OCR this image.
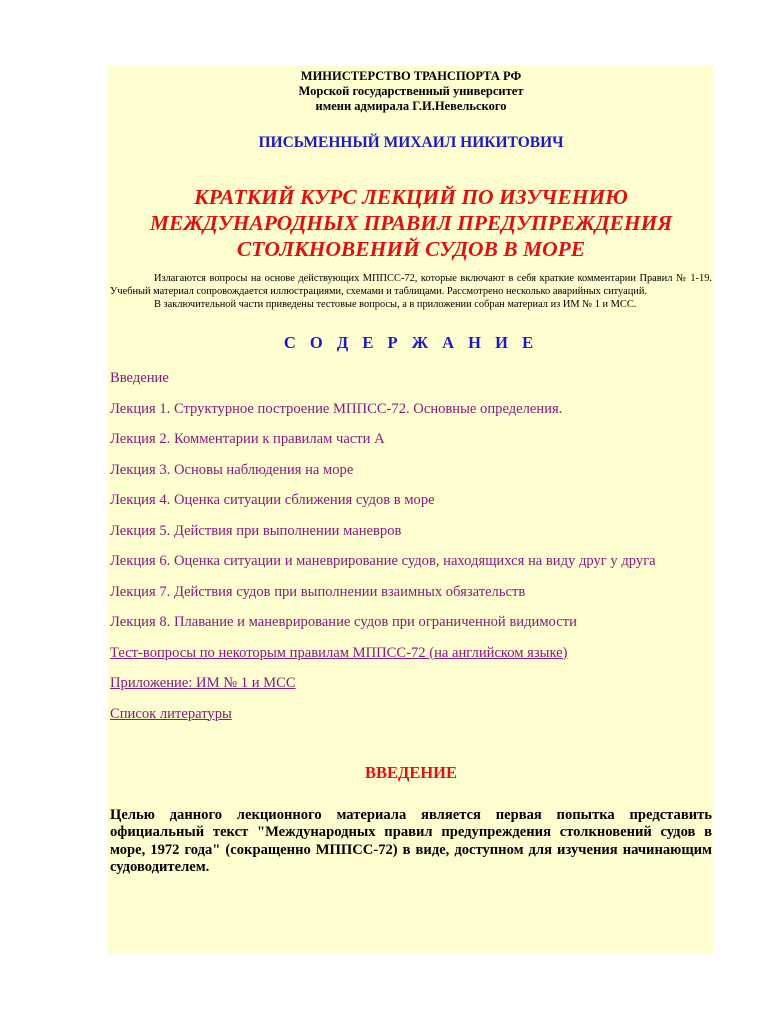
МИНИСТЕРСТВО ТРАНСПОРТА РФ
Морской государственный университет
имени адмирала Г.И.Невельского
ПИСЬМЕННЫЙ МИХАИЛ НИКИТОВИЧ
КРАТКИЙ КУРС ЛЕКЦИЙ ПО ИЗУЧЕНИЮ
МЕЖДУНАРОДНЫХ ПРАВИЛ ПРЕДУПРЕЖДЕНИЯ
СТОЛКНОВЕНИЙ СУДОВ В МОРЕ

Излагаются вопросы на основе действующих МППСС-72, которые включают в себя краткие комментарии Правил № 1-19. Учебный материал сопровождается иллюстрациями, схемами и таблицами. Рассмотрено несколько аварийных ситуаций.

В заключительной части приведены тестовые вопросы, а в приложении собран материал из ИМ № 1 и МСС.

С О Д Е Р Ж А Н И Е
Введение
Лекция 1. Структурное построение МППСС-72. Основные определения.
Лекция 2. Комментарии к правилам части А
Лекция 3. Основы наблюдения на море
Лекция 4. Оценка ситуации сближения судов в море
Лекция 5. Действия при выполнении маневров
Лекция 6. Оценка ситуации и маневрирование судов, находящихся на виду друг у друга
Лекция 7. Действия судов при выполнении взаимных обязательств
Лекция 8. Плавание и маневрирование судов при ограниченной видимости
Тест-вопросы по некоторым правилам МППСС-72 (на английском языке)
Приложение: ИМ № 1 и МСС
Список литературы
ВВЕДЕНИЕ
Целью данного лекционного материала является первая попытка представить официальный текст "Международных правил предупреждения столкновений судов в море, 1972 года" (сокращенно МППСС-72) в виде, доступном для изучения начинающим судоводителем.
